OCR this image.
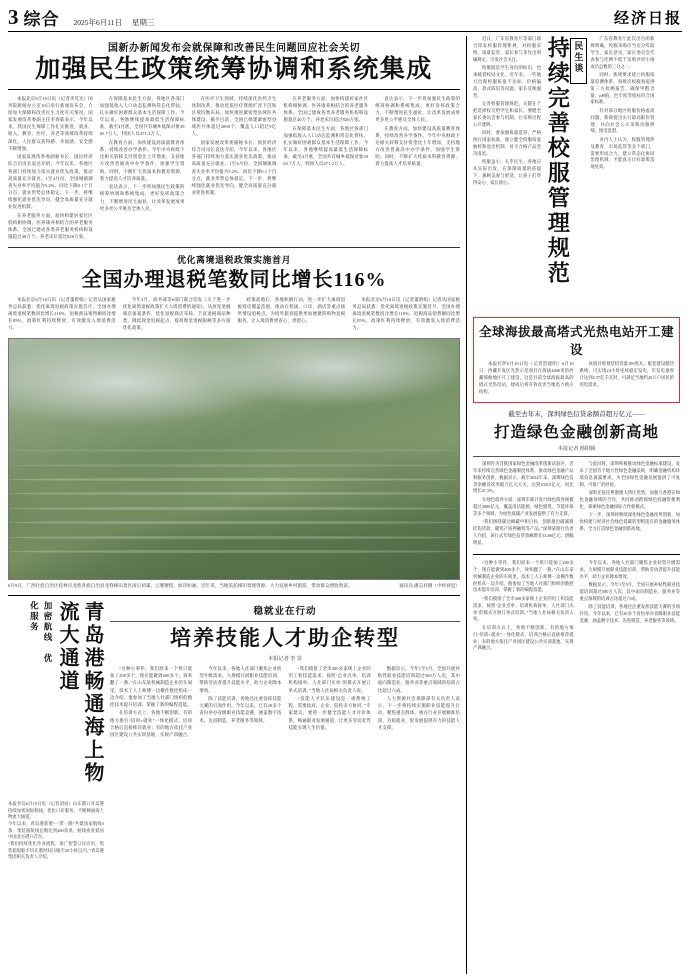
3 综合 2025年6月11日 星期三	经济日报
国新办新闻发布会就保障和改善民生问题回应社会关切
加强民生政策统筹协调和系统集成

本报北京6月10日讯（记者李芃达）国务院新闻办公室10日举行新闻发布会，介绍加大保障和改善民生力度有关情况。国家发展改革委副主任李春临表示，今年以来，我国民生保障工作扎实推进，就业、收入、教育、医疗、养老等领域改革持续深化，人民群众获得感、幸福感、安全感不断增强。

国家发展改革委副秘书长、国民经济综合司司长袁达介绍，今年以来，各地区各部门持续加力落实就业优先政策，推动高质量充分就业。1至4月份，全国城镇调查失业率平均值为5.2%，同比下降0.1个百分点，就业形势总体稳定。下一步，将继续强化就业优先导向，健全高质量充分就业促进机制。

在养老服务方面，加快构建居家社区机构相协调、医养康养相结合的养老服务体系。全国已建成各类养老服务机构和设施超过40万个，养老床位超过820万张。

在保障基本民生方面，各地区各部门加强低收入人口动态监测和常态化帮扶，扎实做好困难群众基本生活保障工作。今年以来，各地继续提高最低生活保障标准，截至4月底，全国共有城乡低保对象3965.7万人，特困人员471.2万人。

在教育方面，加快建设高质量教育体系，持续改善办学条件。今年中央财政下达相关转移支付资金比上年增加，支持地方改善普通高中办学条件、加强学生资助。同时，不断扩大优质本科教育资源，着力提高人才培养质量。

袁达表示，下一步将加强民生政策的统筹协调和系统集成，更好发挥政策合力，不断增进民生福祉，让改革发展成果更多更公平惠及全体人民。

在医疗卫生领域，持续深化医药卫生体制改革，推动优质医疗资源扩容下沉和区域均衡布局。加快推进紧密型县域医共体建设，截至目前，全国已组建紧密型县域医共体超过2000个，覆盖人口超过9亿人。

国家发展改革委副秘书长、国民经济综合司司长袁达介绍，今年以来，各地区各部门持续加力落实就业优先政策，推动高质量充分就业。1至4月份，全国城镇调查失业率平均值为5.2%，同比下降0.1个百分点，就业形势总体稳定。下一步，将继续强化就业优先导向，健全高质量充分就业促进机制。

在养老服务方面，加快构建居家社区机构相协调、医养康养相结合的养老服务体系。全国已建成各类养老服务机构和设施超过40万个，养老床位超过820万张。

在保障基本民生方面，各地区各部门加强低收入人口动态监测和常态化帮扶，扎实做好困难群众基本生活保障工作。今年以来，各地继续提高最低生活保障标准，截至4月底，全国共有城乡低保对象3965.7万人，特困人员471.2万人。

袁达表示，下一步将加强民生政策的统筹协调和系统集成，更好发挥政策合力，不断增进民生福祉，让改革发展成果更多更公平惠及全体人民。

在教育方面，加快建设高质量教育体系，持续改善办学条件。今年中央财政下达相关转移支付资金比上年增加，支持地方改善普通高中办学条件、加强学生资助。同时，不断扩大优质本科教育资源，着力提高人才培养质量。

优化离境退税政策实施首月
全国办理退税笔数同比增长116%

本报北京6月10日讯（记者董碧娟）记者从国家税务总局获悉：优化离境退税政策实施首月，全国办理离境退税笔数同比增长116%，退税商品销售额同比增长85%，政策红利持续释放，有效激发入境消费活力。

今年4月，商务部等6部门联合印发《关于进一步优化离境退税政策扩大入境消费的通知》，从放宽退税商店备案条件、优化退税商店布局、丰富退税商品种类、降低现金退税起点、提高现金退税限额等多方面优化政策。

政策落地后，各地积极行动，进一步扩大离境退税商店覆盖范围，推动在机场、口岸、酒店等重点场所增设退税点，为境外旅客提供更加便捷的购物退税服务，让入境消费更省心、更舒心。

本报北京6月10日讯（记者董碧娟）记者从国家税务总局获悉：优化离境退税政策实施首月，全国办理离境退税笔数同比增长116%，退税商品销售额同比增长85%，政策红利持续释放，有效激发入境消费活力。

6月9日，广西壮族自治区桂林市龙胜各族自治县龙脊梯田景区雨后初霁，云雾缭绕，如诗如画。近年来，当地依托梯田景观资源，大力发展乡村旅游，带动群众增收致富。	通讯员 潘志祥摄（中经视觉）
青岛港畅通海上物流大通道
加密航线　优化服务	稳就业在行动
培养技能人才助企转型
本报记者 李 景

“这种小零件，我们原来一个班只能加工200多个，现在能做到400多个，效率翻了一番。”在山东某机械制造企业的车间里，技术工人王师傅一边操作数控机床一边介绍。他参加了当地人社部门组织的数控技术提升培训，掌握了新的编程技能。

在培训方式上，各地不断创新。有的地方推行“培训+就业”一体化模式，培训合格后直接推荐就业；有的地方依托产业园区建设公共实训基地，实现产训融合。

今年以来，各地人社部门聚焦企业转型升级需求，大规模开展职业技能培训，帮助劳动者提升技能水平，助力企业降本增效。

除了技能培训，各地还注重发挥技能大赛的引领作用。今年以来，已有20多个省份举办省级职业技能竞赛，涵盖数字技术、先进制造、养老服务等领域。

“我们摸排了全市300多家规上企业的用工和技能需求，按照‘企业点单、培训机构接单、人社部门买单’的模式开展订单式培训。”当地人社局相关负责人说。

“技能人才队伍建设是一项系统工程，需要政府、企业、院校多方协同。”专家建议，要进一步健全技能人才评价体系，畅通职业发展通道，让更多劳动者凭技能实现人生价值。

数据显示，今年1至5月，全国开展补贴性职业技能培训超过500万人次，其中面向制造业、服务业等重点领域的培训占比超过六成。

人力资源社会保障部有关负责人表示，下一步将持续实施职业技能提升行动，聚焦重点群体、重点行业开展精准培训，为稳就业、促发展提供有力的技能人才支撑。

本报青岛6月10日电（记者刘成）山东港口青岛港持续加密国际航线，优化口岸服务，不断畅通海上物流大通道。
今年以来，青岛港新增“一带一路”共建国家航线3条，集装箱航线总数达到260余条，航线密度稳居中国北方港口首位。
“我们持续优化作业流程，推广智慧口岸应用，集装箱船舶平均在港时间压缩至20小时以内。”青岛港集团相关负责人介绍。

近日，广东省教育厅等部门联合印发校服管理新规，对校服采购、质量监管、家长参与等作出明确规定，引发社会关注。

校服既是学生身份的标识，也承载着校园文化。近年来，一些地方出现校服质量不达标、价格偏高、款式陈旧等问题，家长反映强烈。

完善校服管理规范，关键在于把选择权交给学生和家长。要健全家长委员会参与机制，让采购过程公开透明。

同时，要加强质量监管，严格执行国家标准，建立健全校服质量抽检和退出机制，对不合格产品坚决清退。

校服虽小，关乎民生。各地应从实际出发，在保障质量的前提下，兼顾美观与舒适，让孩子们穿得安心、家长放心。	持续完善校服管理规范 民生谈

广东省教育厅此次出台的新规明确，校服采购应当充分听取学生、家长意见，家长委员会代表参与比例不低于采购评审小组成员总数的三分之一。

同时，新规要求建立校服质量追溯体系，每批次校服须提供第三方检测报告，确保甲醛含量、pH值、色牢度等指标符合国家标准。

针对部分地区校服价格虚高问题，新规提出实行最高限价管理，并向社会公示采购价格明细，接受监督。

业内人士认为，校服管理涉及教育、市场监管等多个部门，需要形成合力，建立常态化协同治理机制，才能真正让好政策落地见效。

全球海拔最高塔式光热电站开工建设

本报拉萨6月10日电（记者贺建明）6月10日，西藏开发区光热示范项目在海拔4400米的西藏那曲地区开工建设，这是目前全球海拔最高的塔式光热电站，建成后将有效改善当地电力供应结构。

该项目规划装机容量100兆瓦，配套建设储热系统，可实现24小时连续稳定发电，年发电量预计达到2.37亿千瓦时，可满足当地约20万户居民的用电需求。

截至去年末，深圳绿色信贷余额首超万亿元——
打造绿色金融创新高地
本报记者 杨阳腾

深圳作为首批国家绿色金融改革创新试验区，近年来持续完善绿色金融制度体系，推动绿色金融产品和服务创新。数据显示，截至2024年末，深圳绿色信贷余额首次突破万亿元大关，达到10215亿元，同比增长21.5%。

在绿色债券方面，深圳市累计发行绿色债券规模超过2000亿元，覆盖清洁能源、绿色建筑、节能环保等多个领域，为绿色低碳产业发展提供了有力支撑。

“我们围绕碳达峰碳中和目标，创新推出碳减排挂钩贷款、碳资产质押融资等产品。”深圳某银行负责人介绍，该行去年绿色信贷余额增长33.86亿元，增幅明显。

与此同时，深圳积极推动绿色金融标准建设，发布了全国首个地方性绿色金融法规，明确金融机构环境信息披露要求，为全国绿色金融发展提供了可复制、可推广的经验。

深圳还依托粤港澳大湾区优势，加强与香港在绿色金融领域的合作，共同推动跨境绿色投融资便利化，探索绿色金融国际合作新模式。

下一步，深圳将继续深化绿色金融改革创新，加快构建与经济社会绿色低碳转型相适应的金融服务体系，全力打造绿色金融创新高地。

“这种小零件，我们原来一个班只能加工200多个，现在能做到400多个，效率翻了一番。”在山东某机械制造企业的车间里，技术工人王师傅一边操作数控机床一边介绍。他参加了当地人社部门组织的数控技术提升培训，掌握了新的编程技能。

“我们摸排了全市300多家规上企业的用工和技能需求，按照‘企业点单、培训机构接单、人社部门买单’的模式开展订单式培训。”当地人社局相关负责人说。

在培训方式上，各地不断创新。有的地方推行“培训+就业”一体化模式，培训合格后直接推荐就业；有的地方依托产业园区建设公共实训基地，实现产训融合。

今年以来，各地人社部门聚焦企业转型升级需求，大规模开展职业技能培训，帮助劳动者提升技能水平，助力企业降本增效。

数据显示，今年1至5月，全国开展补贴性职业技能培训超过500万人次，其中面向制造业、服务业等重点领域的培训占比超过六成。

除了技能培训，各地还注重发挥技能大赛的引领作用。今年以来，已有20多个省份举办省级职业技能竞赛，涵盖数字技术、先进制造、养老服务等领域。
